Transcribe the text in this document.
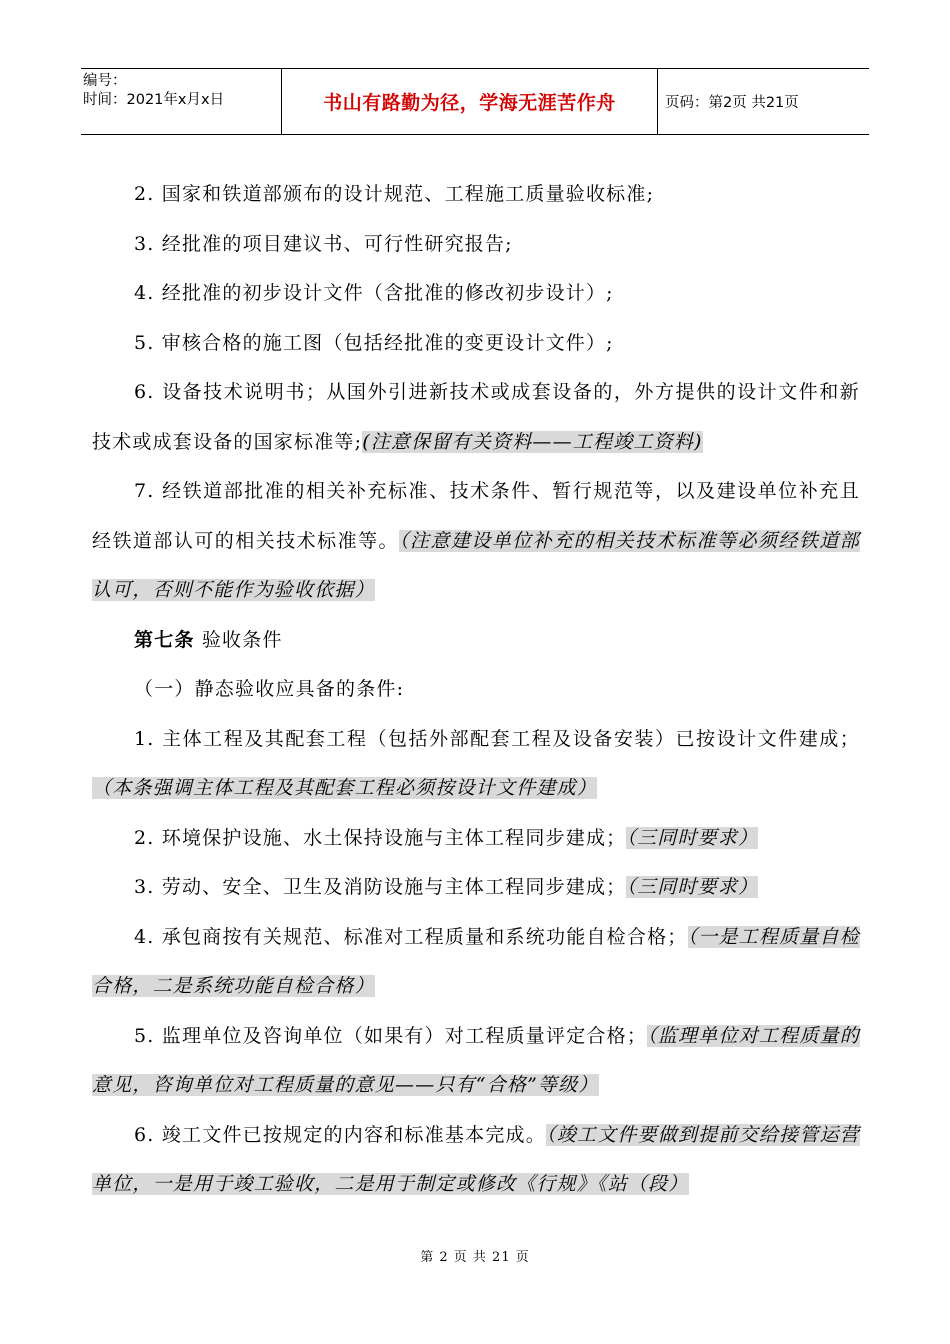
编号：
时间：2021年x月x日	书山有路勤为径，学海无涯苦作舟	页码：第2页 共21页

2. 国家和铁道部颁布的设计规范、工程施工质量验收标准;

3. 经批准的项目建议书、可行性研究报告;

4. 经批准的初步设计文件（含批准的修改初步设计）;

5. 审核合格的施工图（包括经批准的变更设计文件）;

6. 设备技术说明书；从国外引进新技术或成套设备的，外方提供的设计文件和新技术或成套设备的国家标准等;(注意保留有关资料——工程竣工资料)

7. 经铁道部批准的相关补充标准、技术条件、暂行规范等，以及建设单位补充且经铁道部认可的相关技术标准等。（注意建设单位补充的相关技术标准等必须经铁道部认可，否则不能作为验收依据）

第七条 验收条件

（一）静态验收应具备的条件:

1. 主体工程及其配套工程（包括外部配套工程及设备安装）已按设计文件建成；（本条强调主体工程及其配套工程必须按设计文件建成）

2. 环境保护设施、水土保持设施与主体工程同步建成；（三同时要求）

3. 劳动、安全、卫生及消防设施与主体工程同步建成；（三同时要求）

4. 承包商按有关规范、标准对工程质量和系统功能自检合格；（一是工程质量自检合格，二是系统功能自检合格）

5. 监理单位及咨询单位（如果有）对工程质量评定合格；（监理单位对工程质量的意见，咨询单位对工程质量的意见——只有“合格”等级）

6. 竣工文件已按规定的内容和标准基本完成。（竣工文件要做到提前交给接管运营单位，一是用于竣工验收，二是用于制定或修改《行规》《站（段）

第 2 页 共 21 页
